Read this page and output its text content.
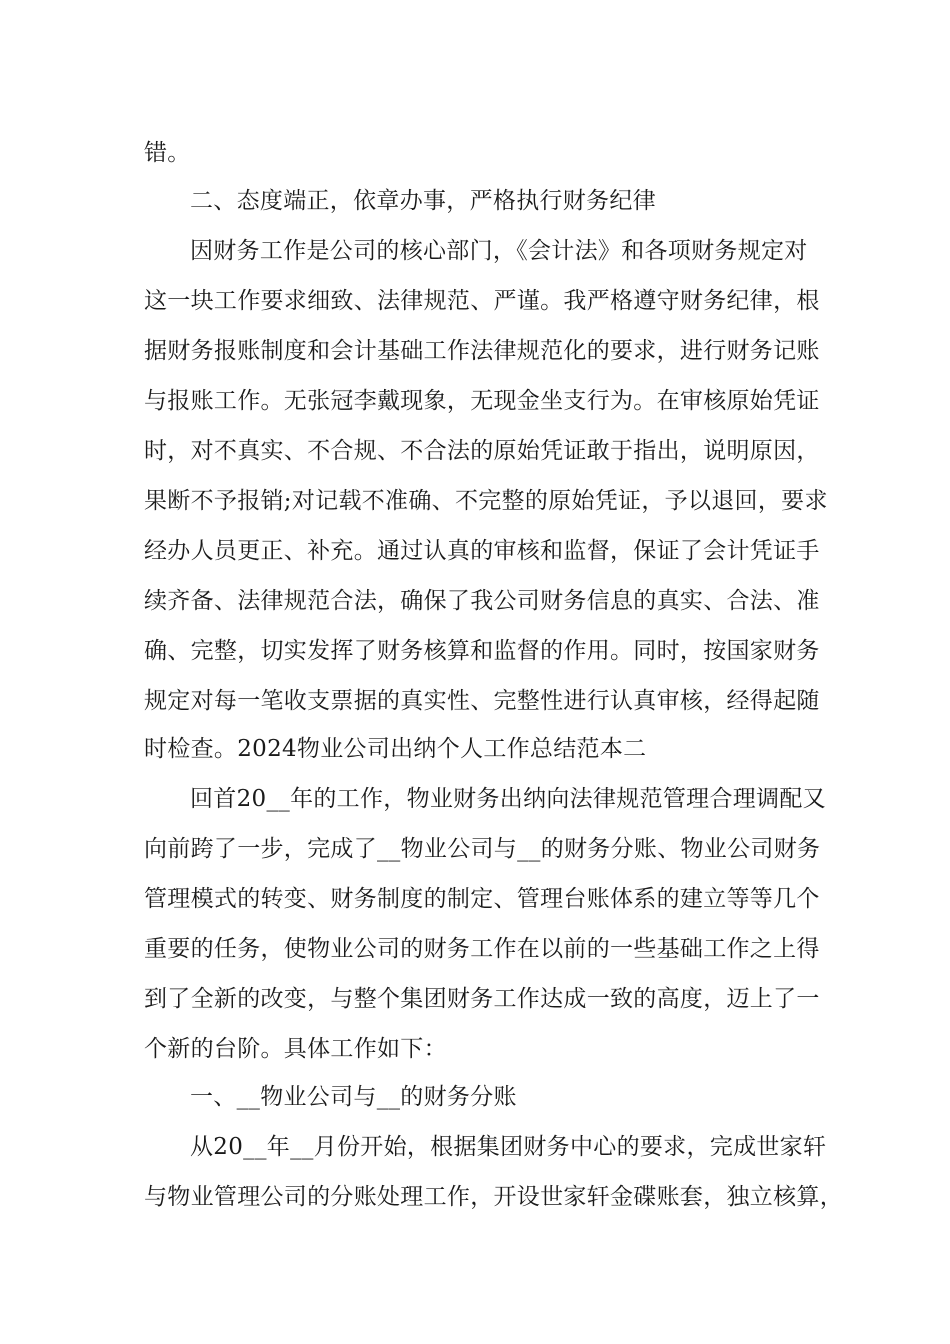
错。
二、态度端正，依章办事，严格执行财务纪律
因财务工作是公司的核心部门，《会计法》和各项财务规定对
这一块工作要求细致、法律规范、严谨。我严格遵守财务纪律，根
据财务报账制度和会计基础工作法律规范化的要求，进行财务记账
与报账工作。无张冠李戴现象，无现金坐支行为。在审核原始凭证
时，对不真实、不合规、不合法的原始凭证敢于指出，说明原因，
果断不予报销;对记载不准确、不完整的原始凭证，予以退回，要求
经办人员更正、补充。通过认真的审核和监督，保证了会计凭证手
续齐备、法律规范合法，确保了我公司财务信息的真实、合法、准
确、完整，切实发挥了财务核算和监督的作用。同时，按国家财务
规定对每一笔收支票据的真实性、完整性进行认真审核，经得起随
时检查。2024物业公司出纳个人工作总结范本二
回首20__年的工作，物业财务出纳向法律规范管理合理调配又
向前跨了一步，完成了__物业公司与__的财务分账、物业公司财务
管理模式的转变、财务制度的制定、管理台账体系的建立等等几个
重要的任务，使物业公司的财务工作在以前的一些基础工作之上得
到了全新的改变，与整个集团财务工作达成一致的高度，迈上了一
个新的台阶。具体工作如下：
一、__物业公司与__的财务分账
从20__年__月份开始，根据集团财务中心的要求，完成世家轩
与物业管理公司的分账处理工作，开设世家轩金碟账套，独立核算，
